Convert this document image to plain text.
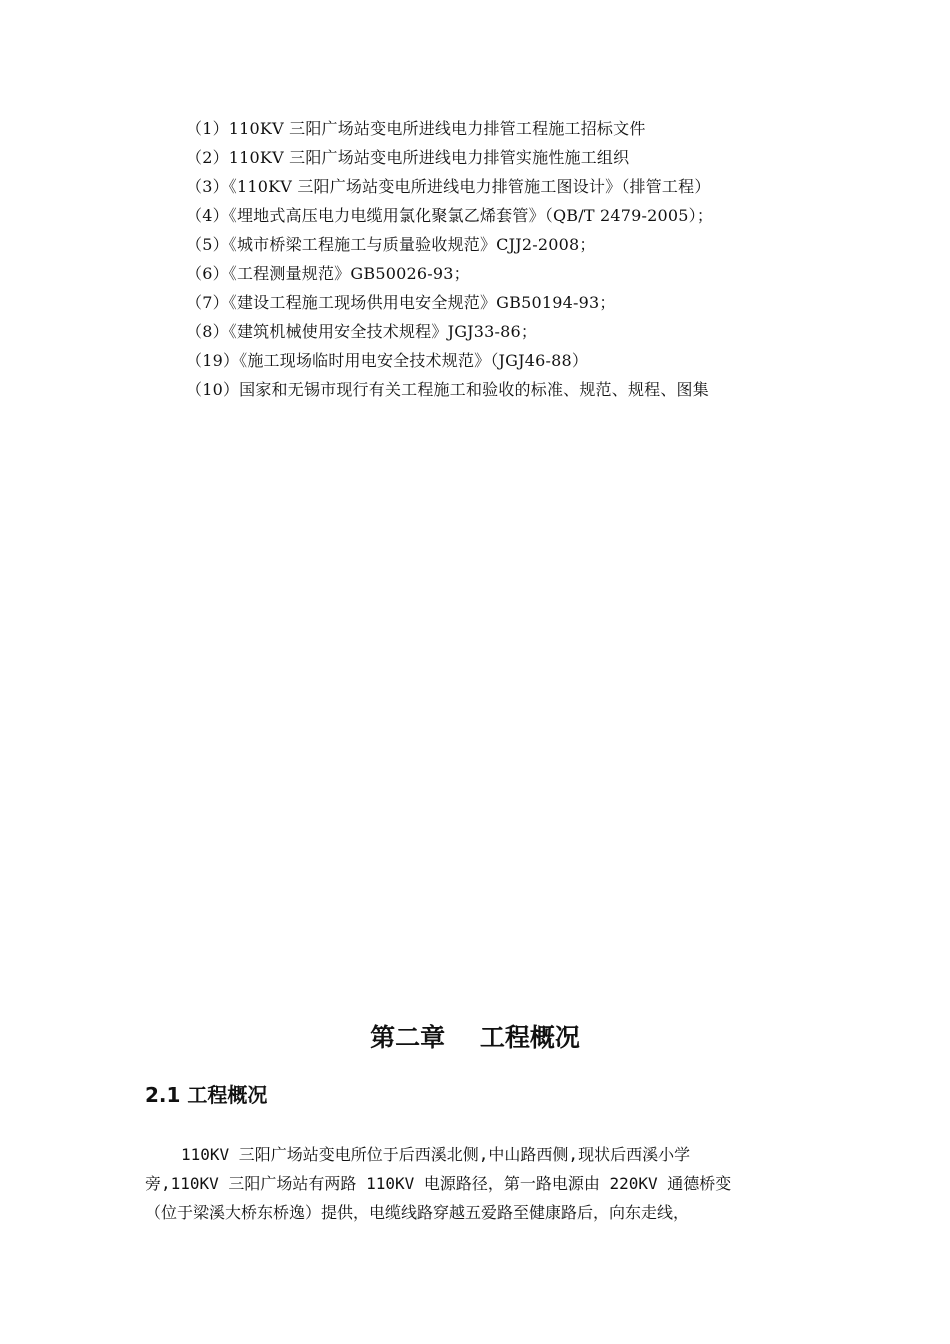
（1）110KV 三阳广场站变电所进线电力排管工程施工招标文件
（2）110KV 三阳广场站变电所进线电力排管实施性施工组织
（3）《110KV 三阳广场站变电所进线电力排管施工图设计》（排管工程）
（4）《埋地式高压电力电缆用氯化聚氯乙烯套管》（QB/T 2479-2005）；
（5）《城市桥梁工程施工与质量验收规范》CJJ2-2008；
（6）《工程测量规范》GB50026-93；
（7）《建设工程施工现场供用电安全规范》GB50194-93；
（8）《建筑机械使用安全技术规程》JGJ33-86；
（19）《施工现场临时用电安全技术规范》（JGJ46-88）
（10）国家和无锡市现行有关工程施工和验收的标准、规范、规程、图集
第二章    工程概况
2.1 工程概况

110KV 三阳广场站变电所位于后西溪北侧,中山路西侧,现状后西溪小学
旁,110KV 三阳广场站有两路 110KV 电源路径，第一路电源由 220KV 通德桥变
（位于梁溪大桥东桥逸）提供，电缆线路穿越五爱路至健康路后，向东走线，
